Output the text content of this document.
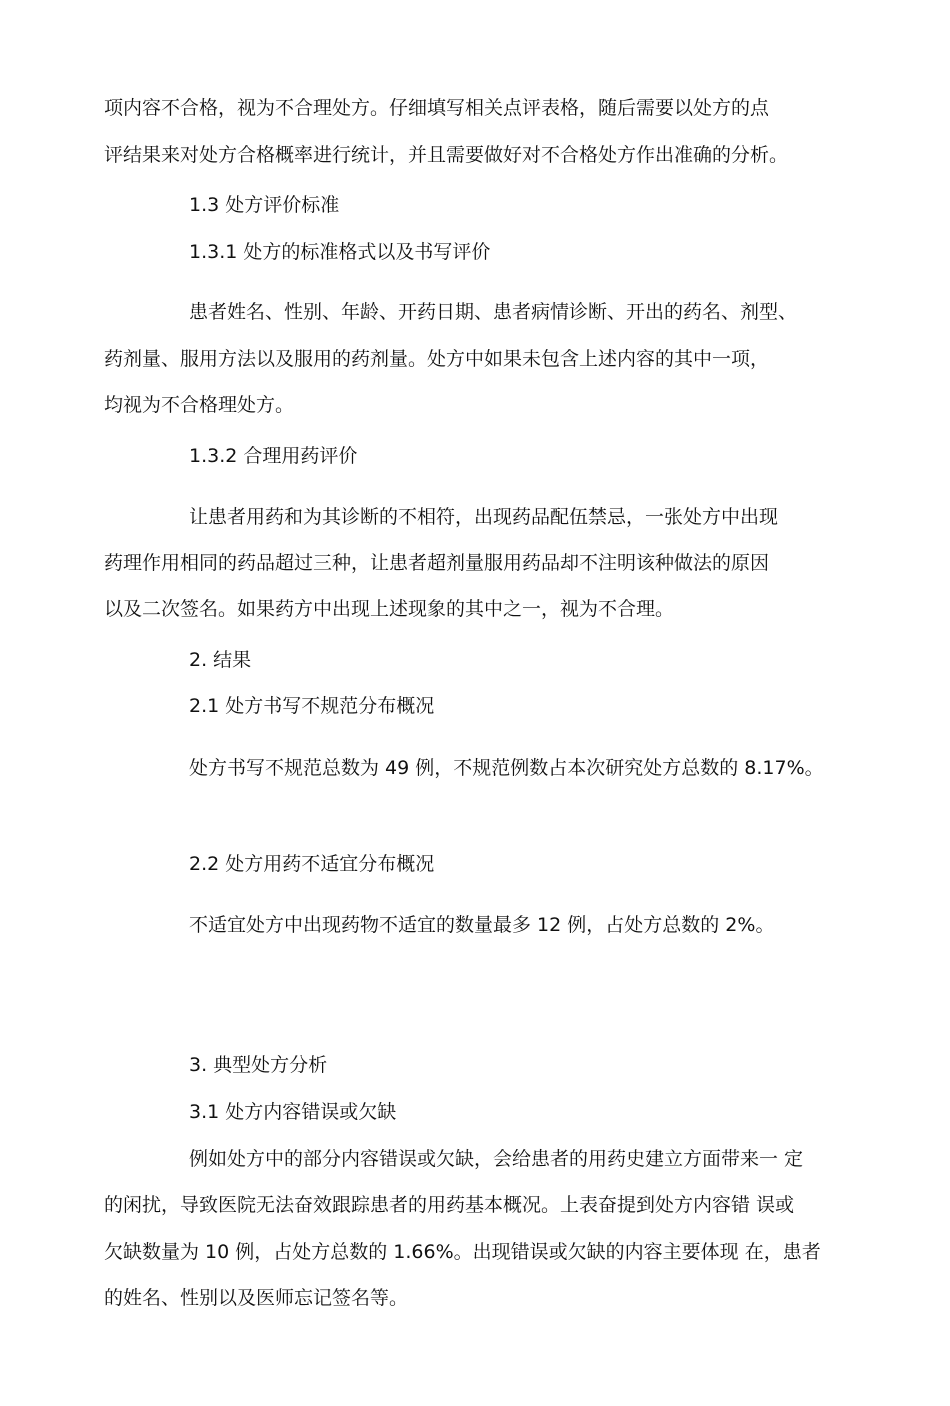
项内容不合格，视为不合理处方。仔细填写相关点评表格，随后需要以处方的点
评结果来对处方合格概率进行统计，并且需要做好对不合格处方作出准确的分析。
1.3 处方评价标准
1.3.1 处方的标准格式以及书写评价
患者姓名、性别、年龄、开药日期、患者病情诊断、开出的药名、剂型、
药剂量、服用方法以及服用的药剂量。处方中如果未包含上述内容的其中一项，
均视为不合格理处方。
1.3.2 合理用药评价
让患者用药和为其诊断的不相符，出现药品配伍禁忌，一张处方中出现
药理作用相同的药品超过三种，让患者超剂量服用药品却不注明该种做法的原因
以及二次签名。如果药方中出现上述现象的其中之一，视为不合理。
2. 结果
2.1 处方书写不规范分布概况
处方书写不规范总数为 49 例，不规范例数占本次研究处方总数的 8.17%。
2.2 处方用药不适宜分布概况
不适宜处方中出现药物不适宜的数量最多 12 例，占处方总数的 2%。
3. 典型处方分析
3.1 处方内容错误或欠缺
例如处方中的部分内容错误或欠缺，会给患者的用药史建立方面带来一 定
的闲扰，导致医院无法奋效跟踪患者的用药基本概况。上表奋提到处方内容错 误或
欠缺数量为 10 例，占处方总数的 1.66%。出现错误或欠缺的内容主要体现 在，患者
的姓名、性别以及医师忘记签名等。
